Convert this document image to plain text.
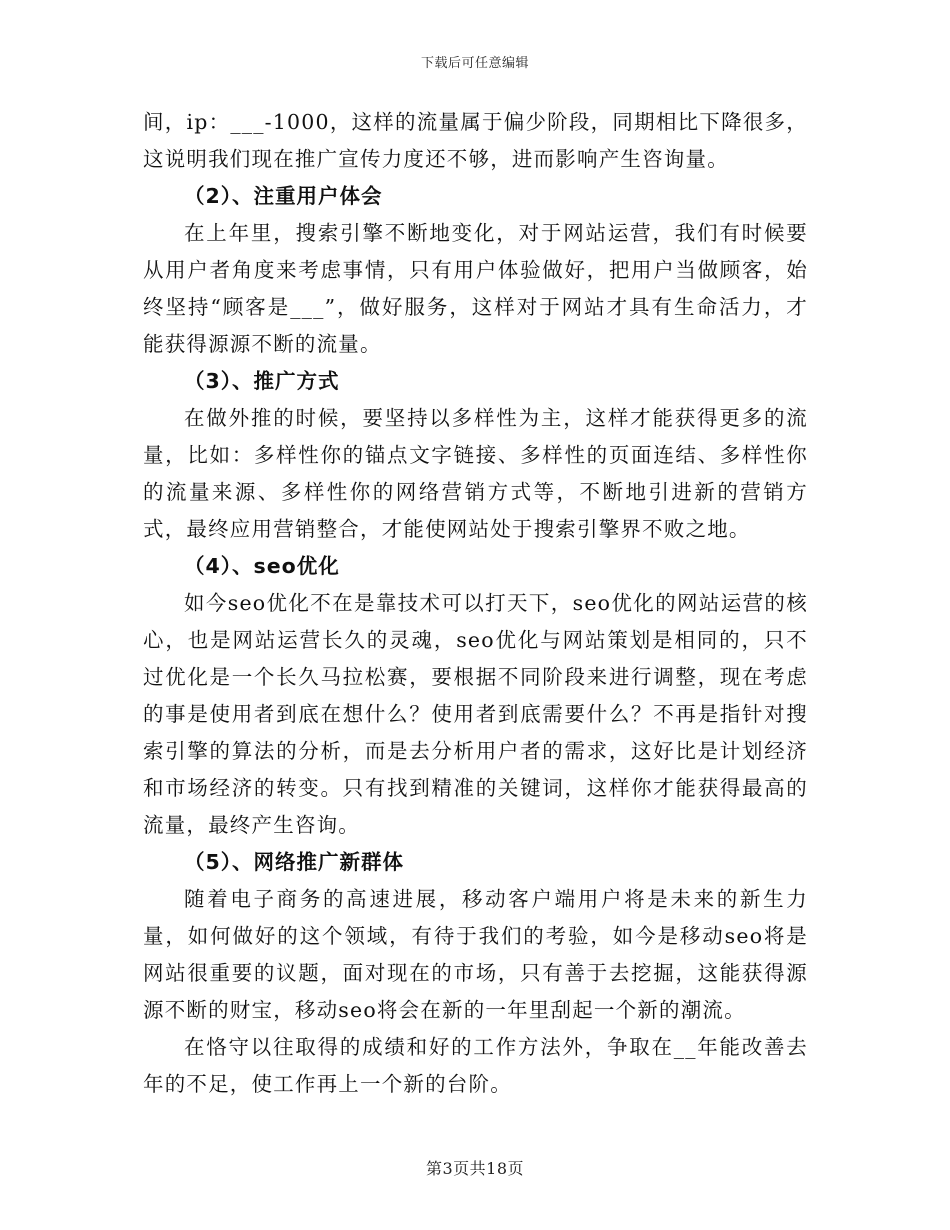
下载后可任意编辑

间，ip：___-1000，这样的流量属于偏少阶段，同期相比下降很多，这说明我们现在推广宣传力度还不够，进而影响产生咨询量。

（2）、注重用户体会

在上年里，搜索引擎不断地变化，对于网站运营，我们有时候要从用户者角度来考虑事情，只有用户体验做好，把用户当做顾客，始终坚持“顾客是___”，做好服务，这样对于网站才具有生命活力，才能获得源源不断的流量。

（3）、推广方式

在做外推的时候，要坚持以多样性为主，这样才能获得更多的流量，比如：多样性你的锚点文字链接、多样性的页面连结、多样性你的流量来源、多样性你的网络营销方式等，不断地引进新的营销方式，最终应用营销整合，才能使网站处于搜索引擎界不败之地。

（4）、seo优化

如今seo优化不在是靠技术可以打天下，seo优化的网站运营的核心，也是网站运营长久的灵魂，seo优化与网站策划是相同的，只不过优化是一个长久马拉松赛，要根据不同阶段来进行调整，现在考虑的事是使用者到底在想什么？使用者到底需要什么？不再是指针对搜索引擎的算法的分析，而是去分析用户者的需求，这好比是计划经济和市场经济的转变。只有找到精准的关键词，这样你才能获得最高的流量，最终产生咨询。

（5）、网络推广新群体

随着电子商务的高速进展，移动客户端用户将是未来的新生力量，如何做好的这个领域，有待于我们的考验，如今是移动seo将是网站很重要的议题，面对现在的市场，只有善于去挖掘，这能获得源源不断的财宝，移动seo将会在新的一年里刮起一个新的潮流。

在恪守以往取得的成绩和好的工作方法外，争取在__年能改善去年的不足，使工作再上一个新的台阶。

第3页共18页
